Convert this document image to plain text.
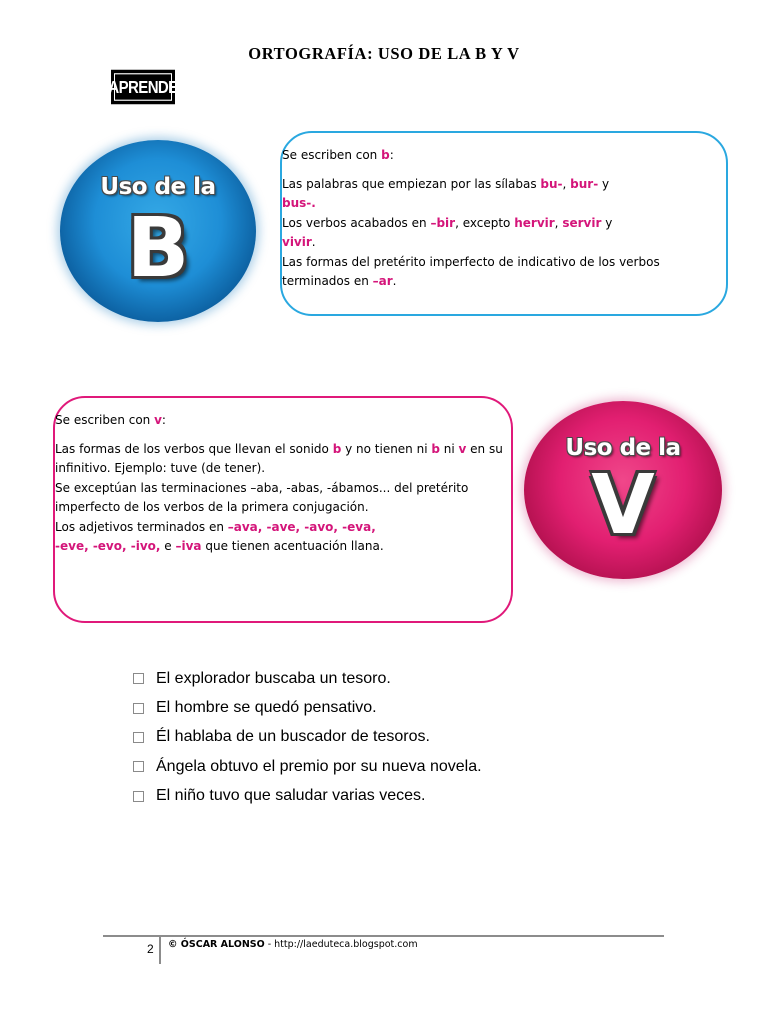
ORTOGRAFÍA: USO DE LA B Y V
APRENDE
Uso de la
B

Se escriben con b:

Las palabras que empiezan por las sílabas bu-, bur- y

bus-.

Los verbos acabados en –bir, excepto hervir, servir y

vivir.

Las formas del pretérito imperfecto de indicativo de los verbos

terminados en –ar.

Se escriben con v:

Las formas de los verbos que llevan el sonido b y no tienen ni b ni v en su

infinitivo. Ejemplo: tuve (de tener).

Se exceptúan las terminaciones –aba, -abas, -ábamos... del pretérito

imperfecto de los verbos de la primera conjugación.

Los adjetivos terminados en –ava, -ave, -avo, -eva,

-eve, -evo, -ivo, e –iva que tienen acentuación llana.

Uso de la
V
El explorador buscaba un tesoro.
El hombre se quedó pensativo.
Él hablaba de un buscador de tesoros.
Ángela obtuvo el premio por su nueva novela.
El niño tuvo que saludar varias veces.
2 © ÓSCAR ALONSO - http://laeduteca.blogspot.com
